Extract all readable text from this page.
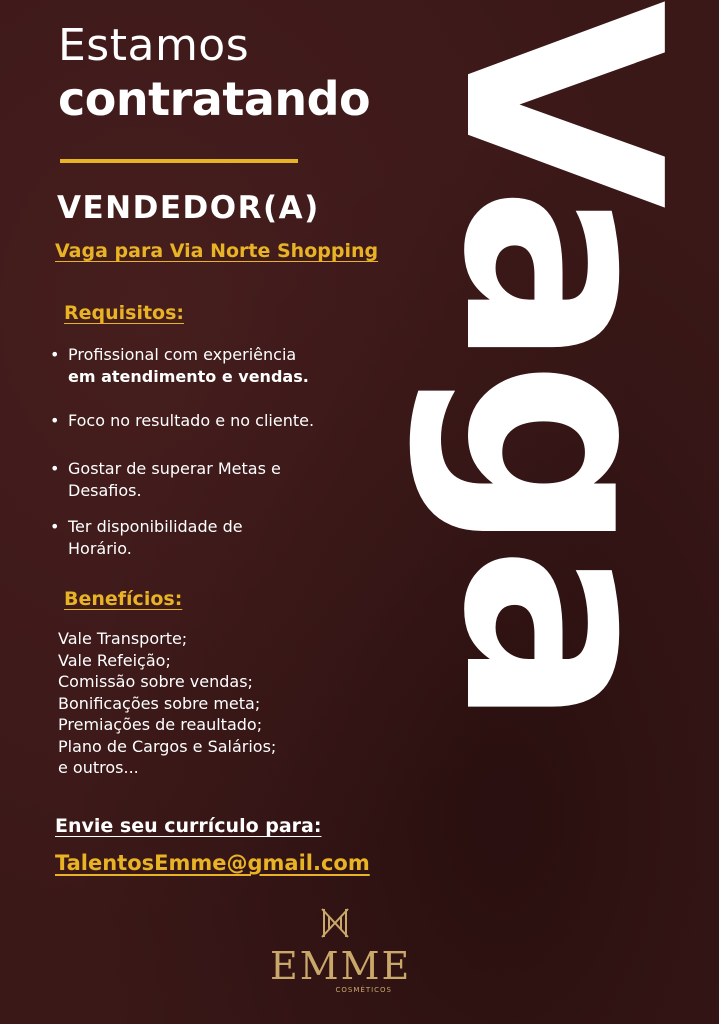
Vaga
Estamos
contratando
VENDEDOR(A)
Vaga para Via Norte Shopping
Requisitos:
• Profissional com experiência
em atendimento e vendas.
• Foco no resultado e no cliente.
• Gostar de superar Metas e Desafios.
• Ter disponibilidade de Horário.
Benefícios:
Vale Transporte;
Vale Refeição;
Comissão sobre vendas;
Bonificações sobre meta;
Premiações de reaultado;
Plano de Cargos e Salários;
e outros...
Envie seu currículo para:
TalentosEmme@gmail.com
EMME
COSMÉTICOS
